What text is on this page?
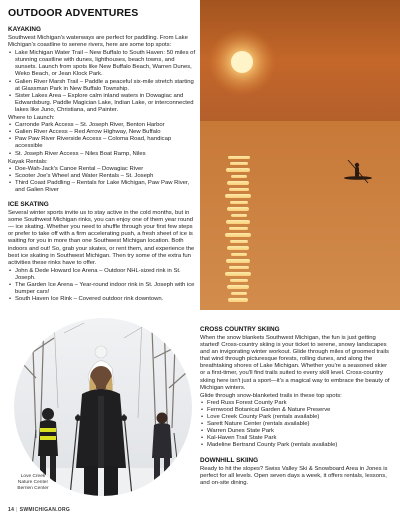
OUTDOOR ADVENTURES
KAYAKING

Southwest Michigan's waterways are perfect for paddling. From Lake Michigan's coastline to serene rivers, here are some top spots:

• Lake Michigan Water Trail – New Buffalo to South Haven: 50 miles of stunning coastline with dunes, lighthouses, beach towns, and sunsets. Launch from spots like New Buffalo Beach, Warren Dunes, Weko Beach, or Jean Klock Park.
• Galien River Marsh Trail – Paddle a peaceful six-mile stretch starting at Glassman Park in New Buffalo Township.
• Sister Lakes Area – Explore calm inland waters in Dowagiac and Edwardsburg. Paddle Magician Lake, Indian Lake, or interconnected lakes like Juno, Christiana, and Painter.

Where to Launch:

• Carronde Park Access – St. Joseph River, Benton Harbor
• Galien River Access – Red Arrow Highway, New Buffalo
• Paw Paw River Riverside Access – Coloma Road, handicap accessible
• St. Joseph River Access – Niles Boat Ramp, Niles

Kayak Rentals:

• Doe-Wah-Jack's Canoe Rental – Dowagiac River
• Scooter Joe's Wheel and Water Rentals – St. Joseph
• Third Coast Paddling – Rentals for Lake Michigan, Paw Paw River, and Galien River
ICE SKATING

Several winter sports invite us to stay active in the cold months, but in some Southwest Michigan rinks, you can enjoy one of them year round — ice skating. Whether you need to shuffle through your first few steps or prefer to take off with a firm accelerating push, a fresh sheet of ice is waiting for you in more than one Southwest Michigan location. Both indoors and out! So, grab your skates, or rent them, and experience the best ice skating in Southwest Michigan. Then try some of the extra fun activities these rinks have to offer.

• John & Dede Howard Ice Arena – Outdoor NHL-sized rink in St. Joseph.
• The Garden Ice Arena – Year-round indoor rink in St. Joseph with ice bumper cars!
• South Haven Ice Rink – Covered outdoor rink downtown.
Love Creek Nature Center Berrien Center
CROSS COUNTRY SKIING

When the snow blankets Southwest Michigan, the fun is just getting started! Cross-country skiing is your ticket to serene, snowy landscapes and an invigorating winter workout. Glide through miles of groomed trails that wind through picturesque forests, rolling dunes, and along the breathtaking shores of Lake Michigan. Whether you're a seasoned skier or a first-timer, you'll find trails suited to every skill level. Cross-country skiing here isn't just a sport—it's a magical way to embrace the beauty of Michigan winters.

Glide through snow-blanketed trails in these top spots:

• Fred Russ Forest County Park
• Fernwood Botanical Garden & Nature Preserve
• Love Creek County Park (rentals available)
• Sarett Nature Center (rentals available)
• Warren Dunes State Park
• Kal-Haven Trail State Park
• Madeline Bertrand County Park (rentals available)
DOWNHILL SKIING

Ready to hit the slopes? Swiss Valley Ski & Snowboard Area in Jones is perfect for all levels. Open seven days a week, it offers rentals, lessons, and on-site dining.

14 | SWMICHIGAN.ORG
